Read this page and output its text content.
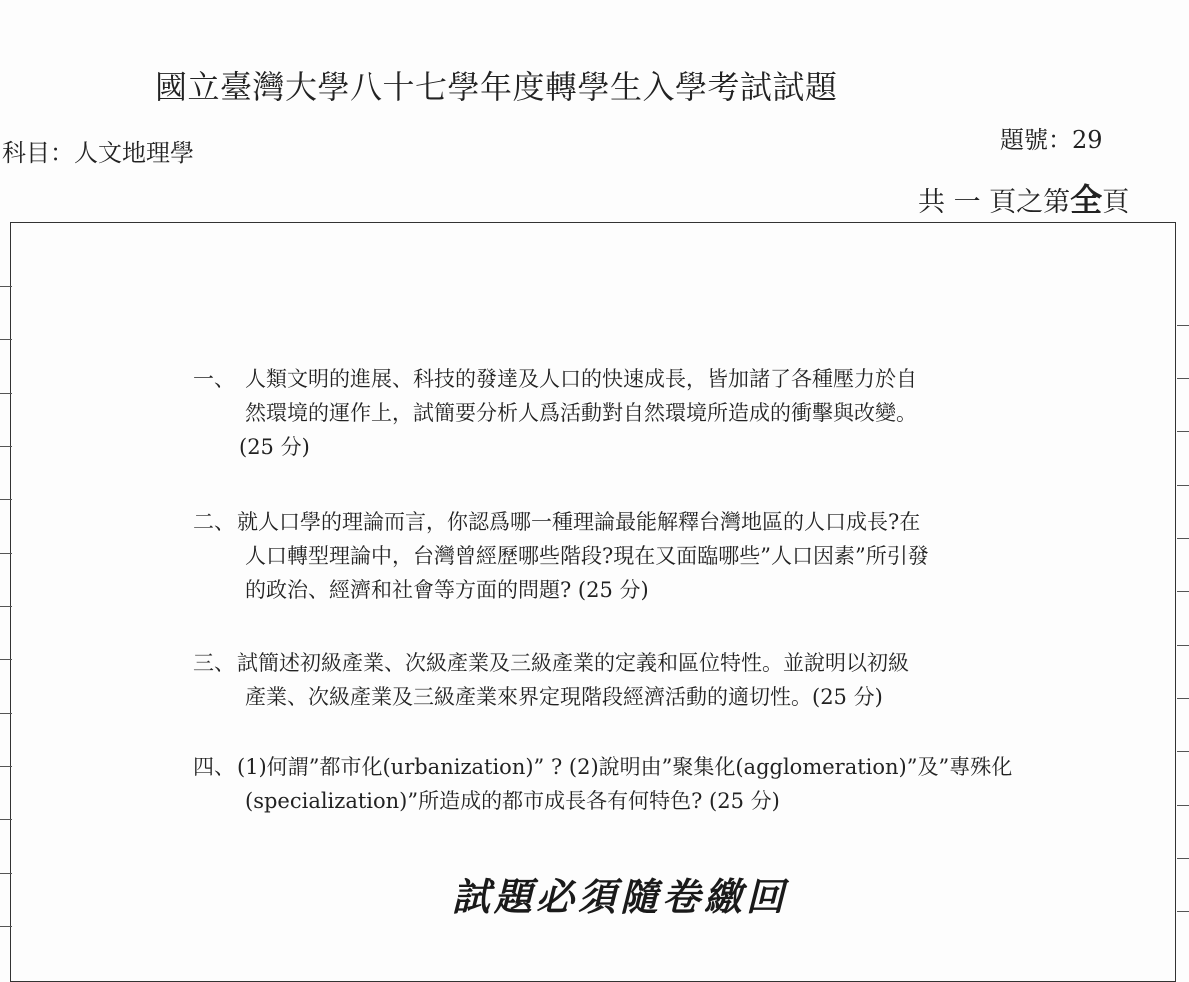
國立臺灣大學八十七學年度轉學生入學考試試題
科目：人文地理學	題號：29
共 一 頁之第全頁
一、 人類文明的進展、科技的發達及人口的快速成長，皆加諸了各種壓力於自
然環境的運作上，試簡要分析人爲活動對自然環境所造成的衝擊與改變。
(25 分)
二、 就人口學的理論而言，你認爲哪一種理論最能解釋台灣地區的人口成長?在
人口轉型理論中，台灣曾經歷哪些階段?現在又面臨哪些”人口因素”所引發
的政治、經濟和社會等方面的問題? (25 分)
三、 試簡述初級產業、次級產業及三級產業的定義和區位特性。並說明以初級
產業、次級產業及三級產業來界定現階段經濟活動的適切性。(25 分)
四、 (1)何謂”都市化(urbanization)” ? (2)說明由”聚集化(agglomeration)”及”專殊化
(specialization)”所造成的都市成長各有何特色? (25 分)
試題必須隨卷繳回
